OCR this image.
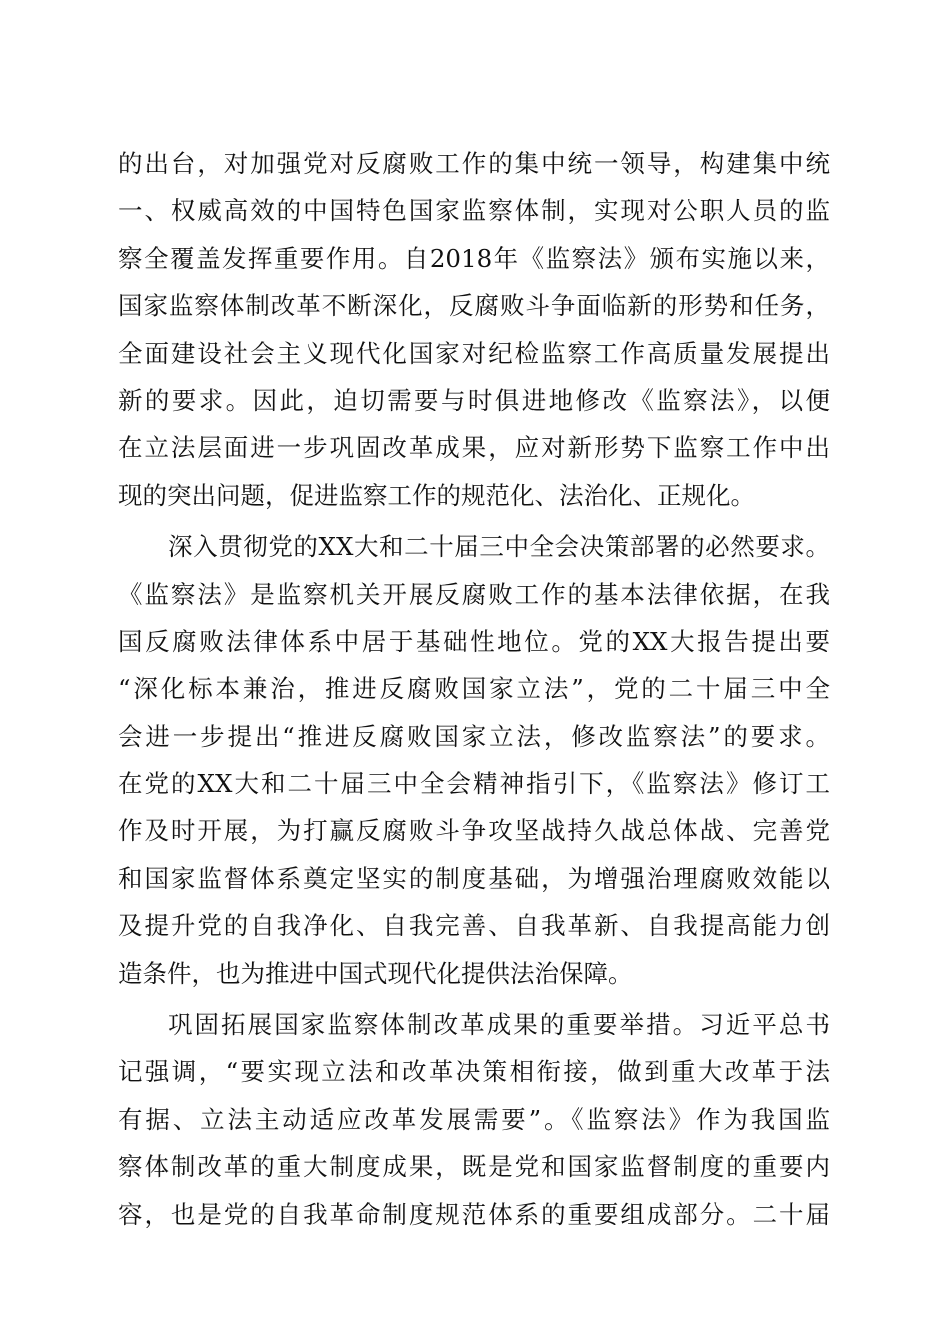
的出台，对加强党对反腐败工作的集中统一领导，构建集中统
一、权威高效的中国特色国家监察体制，实现对公职人员的监
察全覆盖发挥重要作用。自2018年《监察法》颁布实施以来，
国家监察体制改革不断深化，反腐败斗争面临新的形势和任务，
全面建设社会主义现代化国家对纪检监察工作高质量发展提出
新的要求。因此，迫切需要与时俱进地修改《监察法》，以便
在立法层面进一步巩固改革成果，应对新形势下监察工作中出
现的突出问题，促进监察工作的规范化、法治化、正规化。
深入贯彻党的XX大和二十届三中全会决策部署的必然要求。
《监察法》是监察机关开展反腐败工作的基本法律依据，在我
国反腐败法律体系中居于基础性地位。党的XX大报告提出要
“深化标本兼治，推进反腐败国家立法”，党的二十届三中全
会进一步提出“推进反腐败国家立法，修改监察法”的要求。
在党的XX大和二十届三中全会精神指引下，《监察法》修订工
作及时开展，为打赢反腐败斗争攻坚战持久战总体战、完善党
和国家监督体系奠定坚实的制度基础，为增强治理腐败效能以
及提升党的自我净化、自我完善、自我革新、自我提高能力创
造条件，也为推进中国式现代化提供法治保障。
巩固拓展国家监察体制改革成果的重要举措。习近平总书
记强调，“要实现立法和改革决策相衔接，做到重大改革于法
有据、立法主动适应改革发展需要”。《监察法》作为我国监
察体制改革的重大制度成果，既是党和国家监督制度的重要内
容，也是党的自我革命制度规范体系的重要组成部分。二十届
